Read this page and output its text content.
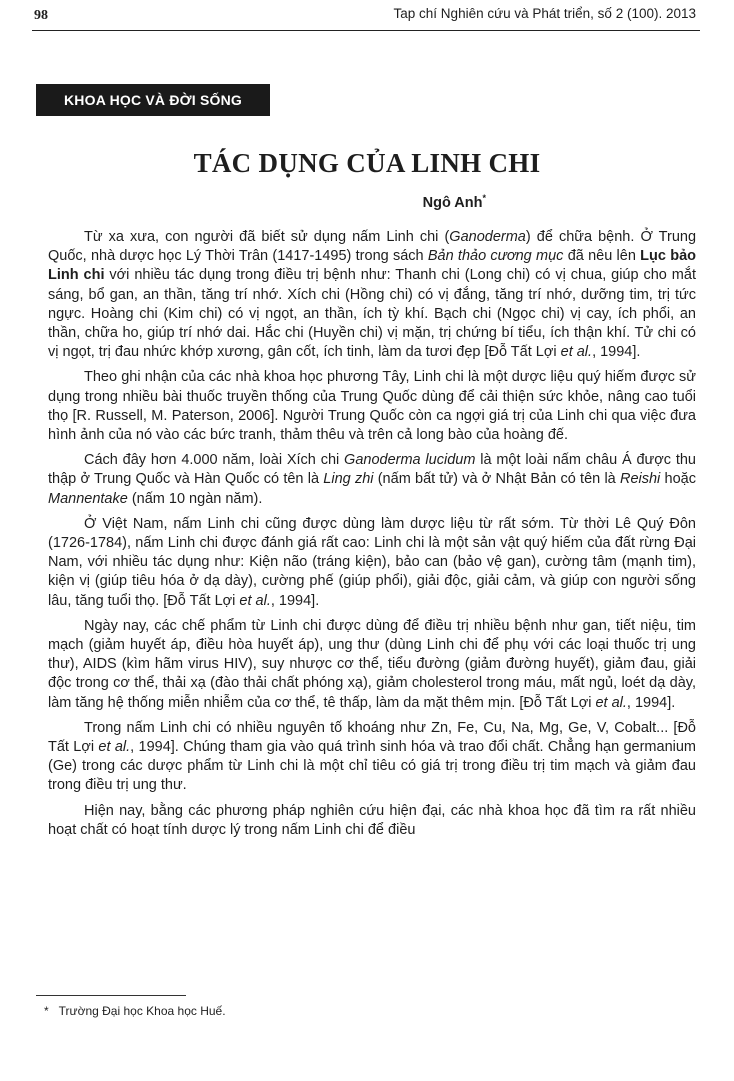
98	Tap chí Nghiên cứu và Phát triển, số 2 (100). 2013
KHOA HỌC VÀ ĐỜI SỐNG
TÁC DỤNG CỦA LINH CHI
Ngô Anh*

Từ xa xưa, con người đã biết sử dụng nấm Linh chi (Ganoderma) để chữa bệnh. Ở Trung Quốc, nhà dược học Lý Thời Trân (1417-1495) trong sách Bản thảo cương mục đã nêu lên Lục bảo Linh chi với nhiều tác dụng trong điều trị bệnh như: Thanh chi (Long chi) có vị chua, giúp cho mắt sáng, bổ gan, an thần, tăng trí nhớ. Xích chi (Hồng chi) có vị đắng, tăng trí nhớ, dưỡng tim, trị tức ngực. Hoàng chi (Kim chi) có vị ngọt, an thần, ích tỳ khí. Bạch chi (Ngọc chi) vị cay, ích phổi, an thần, chữa ho, giúp trí nhớ dai. Hắc chi (Huyền chi) vị mặn, trị chứng bí tiểu, ích thận khí. Tử chi có vị ngọt, trị đau nhức khớp xương, gân cốt, ích tinh, làm da tươi đẹp [Đỗ Tất Lợi et al., 1994].

Theo ghi nhận của các nhà khoa học phương Tây, Linh chi là một dược liệu quý hiếm được sử dụng trong nhiều bài thuốc truyền thống của Trung Quốc dùng để cải thiện sức khỏe, nâng cao tuổi thọ [R. Russell, M. Paterson, 2006]. Người Trung Quốc còn ca ngợi giá trị của Linh chi qua việc đưa hình ảnh của nó vào các bức tranh, thảm thêu và trên cả long bào của hoàng đế.

Cách đây hơn 4.000 năm, loài Xích chi Ganoderma lucidum là một loài nấm châu Á được thu thập ở Trung Quốc và Hàn Quốc có tên là Ling zhi (nấm bất tử) và ở Nhật Bản có tên là Reishi hoặc Mannentake (nấm 10 ngàn năm).

Ở Việt Nam, nấm Linh chi cũng được dùng làm dược liệu từ rất sớm. Từ thời Lê Quý Đôn (1726-1784), nấm Linh chi được đánh giá rất cao: Linh chi là một sản vật quý hiếm của đất rừng Đại Nam, với nhiều tác dụng như: Kiện não (tráng kiện), bảo can (bảo vệ gan), cường tâm (mạnh tim), kiện vị (giúp tiêu hóa ở dạ dày), cường phế (giúp phổi), giải độc, giải cảm, và giúp con người sống lâu, tăng tuổi thọ. [Đỗ Tất Lợi et al., 1994].

Ngày nay, các chế phẩm từ Linh chi được dùng để điều trị nhiều bệnh như gan, tiết niệu, tim mạch (giảm huyết áp, điều hòa huyết áp), ung thư (dùng Linh chi để phụ với các loại thuốc trị ung thư), AIDS (kìm hãm virus HIV), suy nhược cơ thể, tiểu đường (giảm đường huyết), giảm đau, giải độc trong cơ thể, thải xạ (đào thải chất phóng xạ), giảm cholesterol trong máu, mất ngủ, loét dạ dày, làm tăng hệ thống miễn nhiễm của cơ thể, tê thấp, làm da mặt thêm mịn. [Đỗ Tất Lợi et al., 1994].

Trong nấm Linh chi có nhiều nguyên tố khoáng như Zn, Fe, Cu, Na, Mg, Ge, V, Cobalt... [Đỗ Tất Lợi et al., 1994]. Chúng tham gia vào quá trình sinh hóa và trao đổi chất. Chẳng hạn germanium (Ge) trong các dược phẩm từ Linh chi là một chỉ tiêu có giá trị trong điều trị tim mạch và giảm đau trong điều trị ung thư.

Hiện nay, bằng các phương pháp nghiên cứu hiện đại, các nhà khoa học đã tìm ra rất nhiều hoạt chất có hoạt tính dược lý trong nấm Linh chi để điều

* Trường Đại học Khoa học Huế.
